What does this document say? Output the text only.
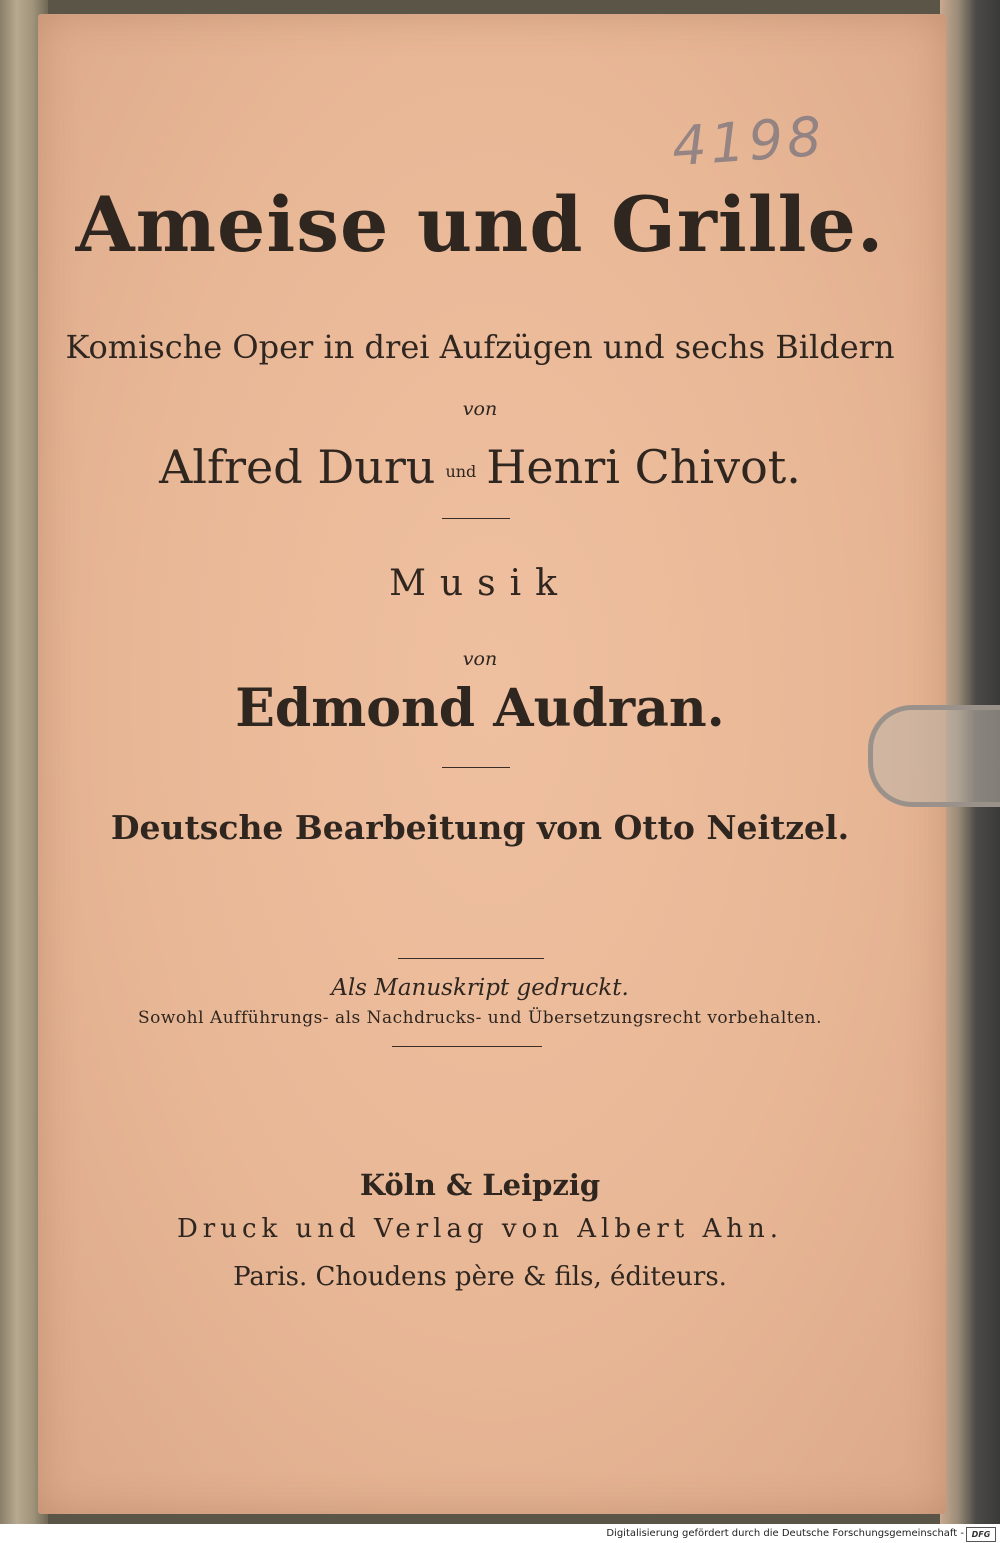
4198

Ameise und Grille.

Komische Oper in drei Aufzügen und sechs Bildern

von

Alfred Duru und Henri Chivot.

Musik

von

Edmond Audran.

Deutsche Bearbeitung von Otto Neitzel.

Als Manuskript gedruckt.

Sowohl Aufführungs- als Nachdrucks- und Übersetzungsrecht vorbehalten.

Köln & Leipzig

Druck und Verlag von Albert Ahn.

Paris. Choudens père & fils, éditeurs.

Digitalisierung gefördert durch die Deutsche Forschungsgemeinschaft - DFG
